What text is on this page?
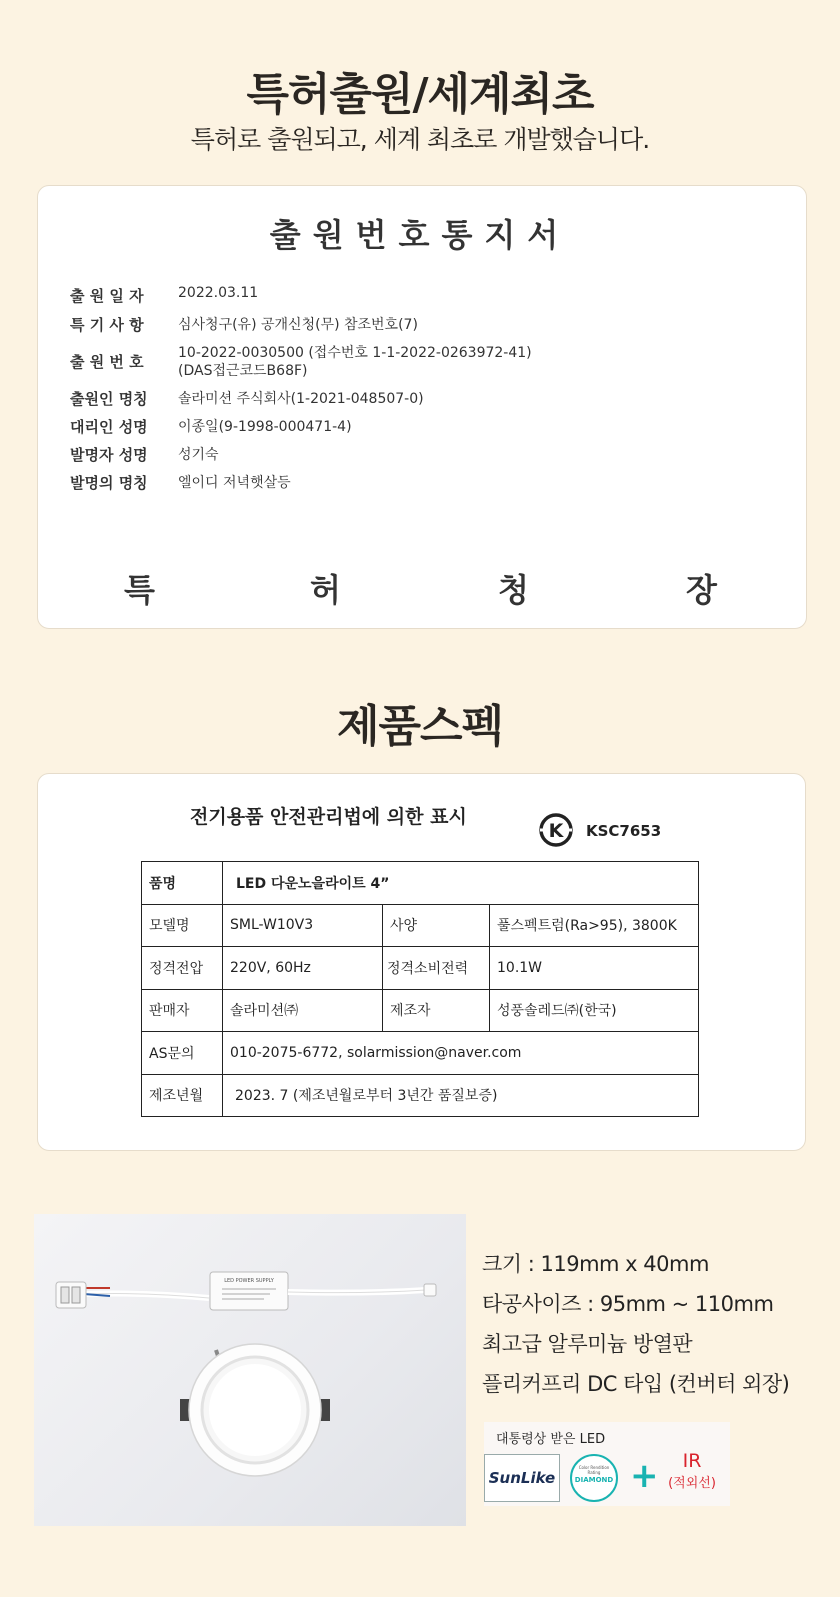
특허출원/세계최초
특허로 출원되고, 세계 최초로 개발했습니다.
출원번호통지서
출 원 일 자 2022.03.11
특 기 사 항 심사청구(유) 공개신청(무) 참조번호(7)
출 원 번 호 10-2022-0030500 (접수번호 1-1-2022-0263972-41)
(DAS접근코드B68F)
출원인 명칭 솔라미션 주식회사(1-2021-048507-0)
대리인 성명 이종일(9-1998-000471-4)
발명자 성명 성기숙
발명의 명칭 엘이디 저녁햇살등
특	허	청	장
제품스펙
전기용품 안전관리법에 의한 표시
K KSC7653
품명	LED 다운노을라이트 4”		
모델명	SML-W10V3	사양	풀스펙트럼(Ra>95), 3800K
정격전압	220V, 60Hz	정격소비전력	10.1W
판매자	솔라미션㈜	제조자	성풍솔레드㈜(한국)
AS문의	010-2075-6772, solarmission@naver.com		
제조년월	2023. 7 (제조년월로부터 3년간 품질보증)		
LED POWER SUPPLY
크기 : 119mm x 40mm
타공사이즈 : 95mm ~ 110mm
최고급 알루미늄 방열판
플리커프리 DC 타입 (컨버터 외장)
대통령상 받은 LED
SunLike
Color Rendition Rating
DIAMOND +	IR
(적외선)
